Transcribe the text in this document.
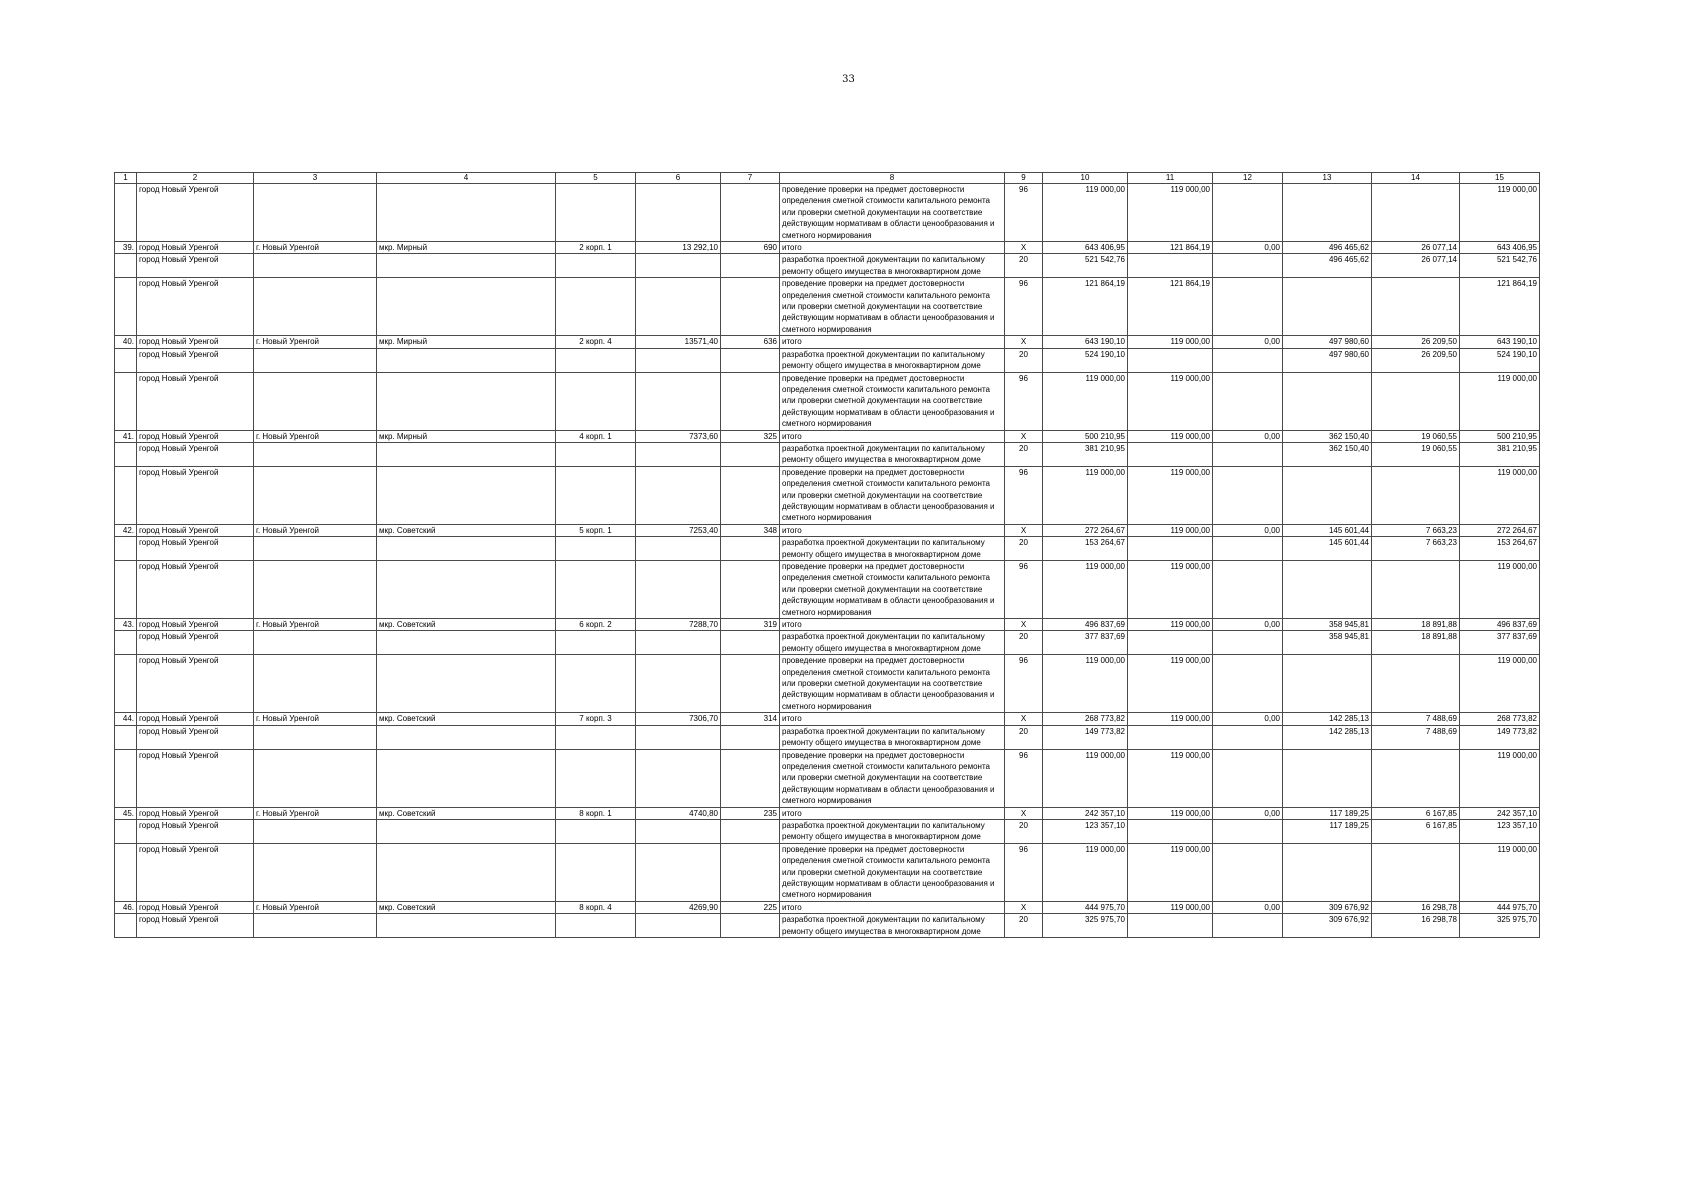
33
1	2	3	4	5	6	7	8	9	10	11	12	13	14	15
	город Новый Уренгой						проведение проверки на предмет достоверности определения сметной стоимости капитального ремонта или проверки сметной документации на соответствие действующим нормативам в области ценообразования и сметного нормирования	96	119 000,00	119 000,00				119 000,00
39.	город Новый Уренгой	г. Новый Уренгой	мкр. Мирный	2 корп. 1	13 292,10	690	итого	Х	643 406,95	121 864,19	0,00	496 465,62	26 077,14	643 406,95
	город Новый Уренгой						разработка проектной документации по капитальному ремонту общего имущества в многоквартирном доме	20	521 542,76			496 465,62	26 077,14	521 542,76
	город Новый Уренгой						проведение проверки на предмет достоверности определения сметной стоимости капитального ремонта или проверки сметной документации на соответствие действующим нормативам в области ценообразования и сметного нормирования	96	121 864,19	121 864,19				121 864,19
40.	город Новый Уренгой	г. Новый Уренгой	мкр. Мирный	2 корп. 4	13571,40	636	итого	Х	643 190,10	119 000,00	0,00	497 980,60	26 209,50	643 190,10
	город Новый Уренгой						разработка проектной документации по капитальному ремонту общего имущества в многоквартирном доме	20	524 190,10			497 980,60	26 209,50	524 190,10
	город Новый Уренгой						проведение проверки на предмет достоверности определения сметной стоимости капитального ремонта или проверки сметной документации на соответствие действующим нормативам в области ценообразования и сметного нормирования	96	119 000,00	119 000,00				119 000,00
41.	город Новый Уренгой	г. Новый Уренгой	мкр. Мирный	4 корп. 1	7373,60	325	итого	Х	500 210,95	119 000,00	0,00	362 150,40	19 060,55	500 210,95
	город Новый Уренгой						разработка проектной документации по капитальному ремонту общего имущества в многоквартирном доме	20	381 210,95			362 150,40	19 060,55	381 210,95
	город Новый Уренгой						проведение проверки на предмет достоверности определения сметной стоимости капитального ремонта или проверки сметной документации на соответствие действующим нормативам в области ценообразования и сметного нормирования	96	119 000,00	119 000,00				119 000,00
42.	город Новый Уренгой	г. Новый Уренгой	мкр. Советский	5 корп. 1	7253,40	348	итого	Х	272 264,67	119 000,00	0,00	145 601,44	7 663,23	272 264,67
	город Новый Уренгой						разработка проектной документации по капитальному ремонту общего имущества в многоквартирном доме	20	153 264,67			145 601,44	7 663,23	153 264,67
	город Новый Уренгой						проведение проверки на предмет достоверности определения сметной стоимости капитального ремонта или проверки сметной документации на соответствие действующим нормативам в области ценообразования и сметного нормирования	96	119 000,00	119 000,00				119 000,00
43.	город Новый Уренгой	г. Новый Уренгой	мкр. Советский	6 корп. 2	7288,70	319	итого	Х	496 837,69	119 000,00	0,00	358 945,81	18 891,88	496 837,69
	город Новый Уренгой						разработка проектной документации по капитальному ремонту общего имущества в многоквартирном доме	20	377 837,69			358 945,81	18 891,88	377 837,69
	город Новый Уренгой						проведение проверки на предмет достоверности определения сметной стоимости капитального ремонта или проверки сметной документации на соответствие действующим нормативам в области ценообразования и сметного нормирования	96	119 000,00	119 000,00				119 000,00
44.	город Новый Уренгой	г. Новый Уренгой	мкр. Советский	7 корп. 3	7306,70	314	итого	Х	268 773,82	119 000,00	0,00	142 285,13	7 488,69	268 773,82
	город Новый Уренгой						разработка проектной документации по капитальному ремонту общего имущества в многоквартирном доме	20	149 773,82			142 285,13	7 488,69	149 773,82
	город Новый Уренгой						проведение проверки на предмет достоверности определения сметной стоимости капитального ремонта или проверки сметной документации на соответствие действующим нормативам в области ценообразования и сметного нормирования	96	119 000,00	119 000,00				119 000,00
45.	город Новый Уренгой	г. Новый Уренгой	мкр. Советский	8 корп. 1	4740,80	235	итого	Х	242 357,10	119 000,00	0,00	117 189,25	6 167,85	242 357,10
	город Новый Уренгой						разработка проектной документации по капитальному ремонту общего имущества в многоквартирном доме	20	123 357,10			117 189,25	6 167,85	123 357,10
	город Новый Уренгой						проведение проверки на предмет достоверности определения сметной стоимости капитального ремонта или проверки сметной документации на соответствие действующим нормативам в области ценообразования и сметного нормирования	96	119 000,00	119 000,00				119 000,00
46.	город Новый Уренгой	г. Новый Уренгой	мкр. Советский	8 корп. 4	4269,90	225	итого	Х	444 975,70	119 000,00	0,00	309 676,92	16 298,78	444 975,70
	город Новый Уренгой						разработка проектной документации по капитальному ремонту общего имущества в многоквартирном доме	20	325 975,70			309 676,92	16 298,78	325 975,70
